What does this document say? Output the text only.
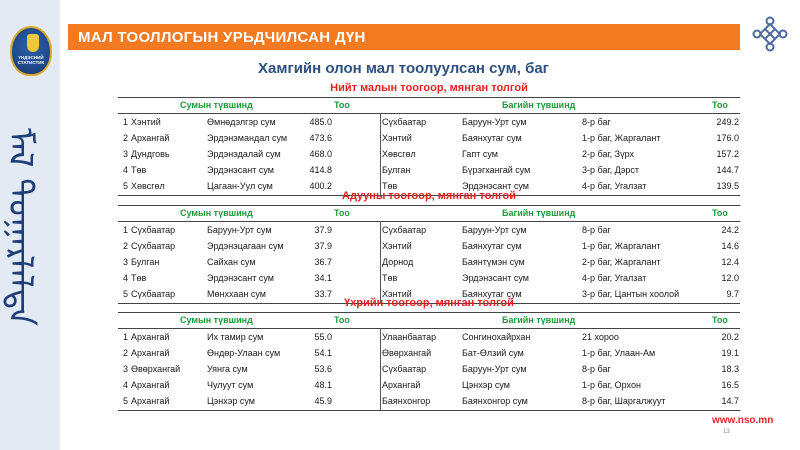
ҮНДЭСНИЙ СТАТИСТИК
ᠮᠠᠯ ᠳᠤᠭᠠᠷᠯᠠᠯᠲᠠ
МАЛ ТООЛЛОГЫН УРЬДЧИЛСАН ДҮН
Хамгийн олон мал тоолуулсан сум, баг
Нийт малын тоогоор, мянган толгой
Сумын түвшинд	Тоо	Багийн түвшинд	Тоо
1 Хэнтий	Өмнөдэлгэр сум	485.0	Сүхбаатар	Баруун-Урт сум	8-р баг	249.2
2 Архангай	Эрдэнэмандал сум	473.6	Хэнтий	Баянхутаг сум	1-р баг, Жаргалант	176.0
3 Дундговь	Эрдэнэдалай сум	468.0	Хөвсгөл	Гапт сум	2-р баг, Зүрх	157.2
4 Төв	Эрдэнэсант сум	414.8	Булган	Бүрэгхангай сум	3-р баг, Дэрст	144.7
5 Хөвсгөл	Цагаан-Уул сум	400.2	Төв	Эрдэнэсант сум	4-р баг, Угалзат	139.5
Адууны тоогоор, мянган толгой
Сумын түвшинд	Тоо	Багийн түвшинд	Тоо
1 Сүхбаатар	Баруун-Урт сум	37.9	Сүхбаатар	Баруун-Урт сум	8-р баг	24.2
2 Сүхбаатар	Эрдэнэцагаан сум	37.9	Хэнтий	Баянхутаг сум	1-р баг, Жаргалант	14.6
3 Булган	Сайхан сум	36.7	Дорнод	Баянтүмэн сум	2-р баг, Жаргалант	12.4
4 Төв	Эрдэнэсант сум	34.1	Төв	Эрдэнэсант сум	4-р баг, Угалзат	12.0
5 Сүхбаатар	Мөнххаан сум	33.7	Хэнтий	Баянхутаг сум	3-р баг, Цантын хоолой	9.7
Үхрийн тоогоор, мянган толгой
Сумын түвшинд	Тоо	Багийн түвшинд	Тоо
1 Архангай	Их тамир сум	55.0	Улаанбаатар	Сонгинохайрхан	21 хороо	20.2
2 Архангай	Өндөр-Улаан сум	54.1	Өвөрхангай	Бат-Өлзий сум	1-р баг, Улаан-Ам	19.1
3 Өвөрхангай	Уянга сум	53.6	Сүхбаатар	Баруун-Урт сум	8-р баг	18.3
4 Архангай	Чулуут сум	48.1	Архангай	Цэнхэр сум	1-р баг, Орхон	16.5
5 Архангай	Цэнхэр сум	45.9	Баянхонгор	Баянхонгор сум	8-р баг, Шаргалжуут	14.7
www.nso.mn
13
